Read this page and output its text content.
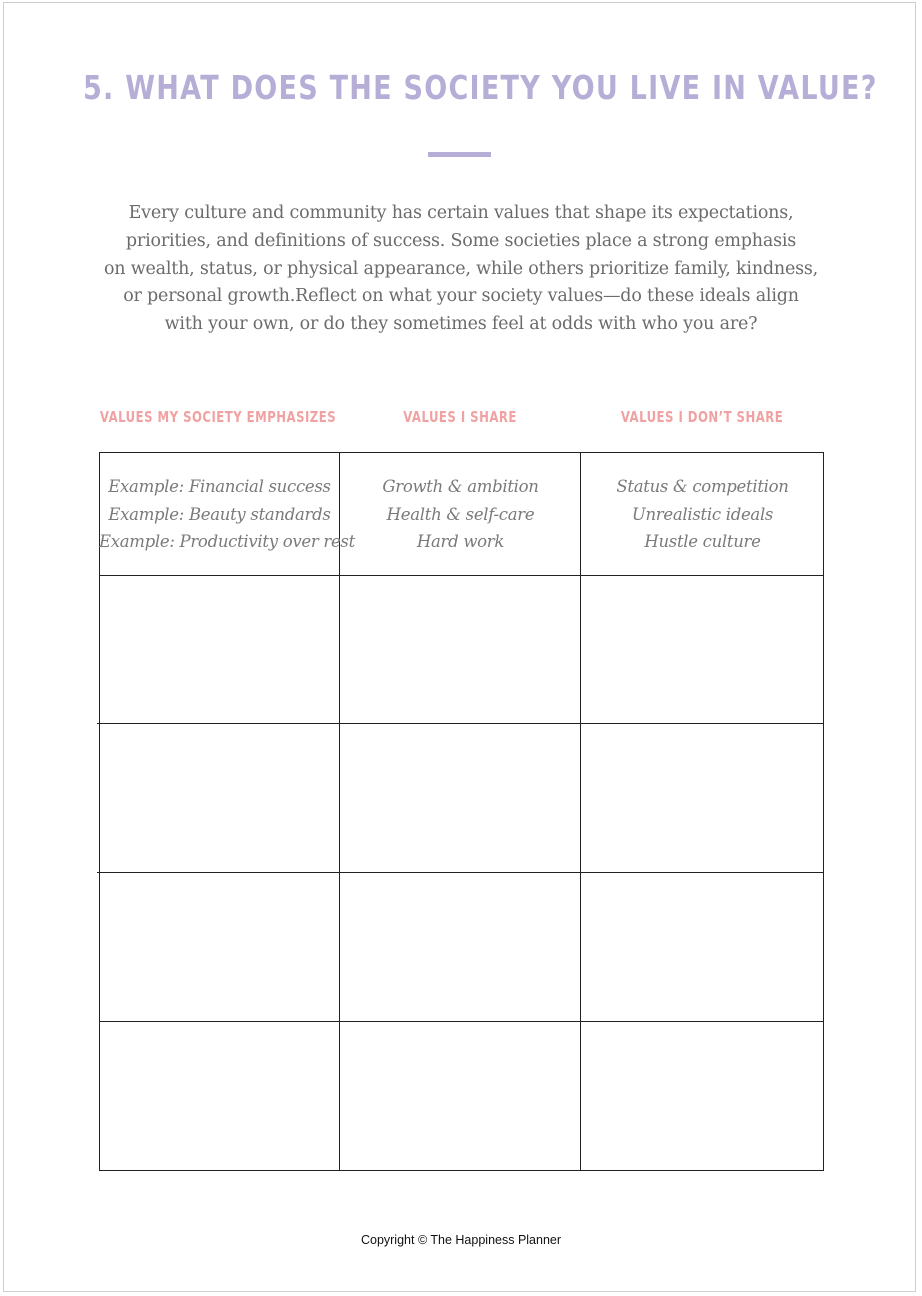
5. WHAT DOES THE SOCIETY YOU LIVE IN VALUE?
Every culture and community has certain values that shape its expectations,
priorities, and definitions of success. Some societies place a strong emphasis
on wealth, status, or physical appearance, while others prioritize family, kindness,
or personal growth.Reflect on what your society values—do these ideals align
with your own, or do they sometimes feel at odds with who you are?
VALUES MY SOCIETY EMPHASIZES	VALUES I SHARE	VALUES I DON’T SHARE
Example: Financial success
Example: Beauty standards
Example: Productivity over rest
Growth & ambition
Health & self-care
Hard work
Status & competition
Unrealistic ideals
Hustle culture
Copyright © The Happiness Planner
